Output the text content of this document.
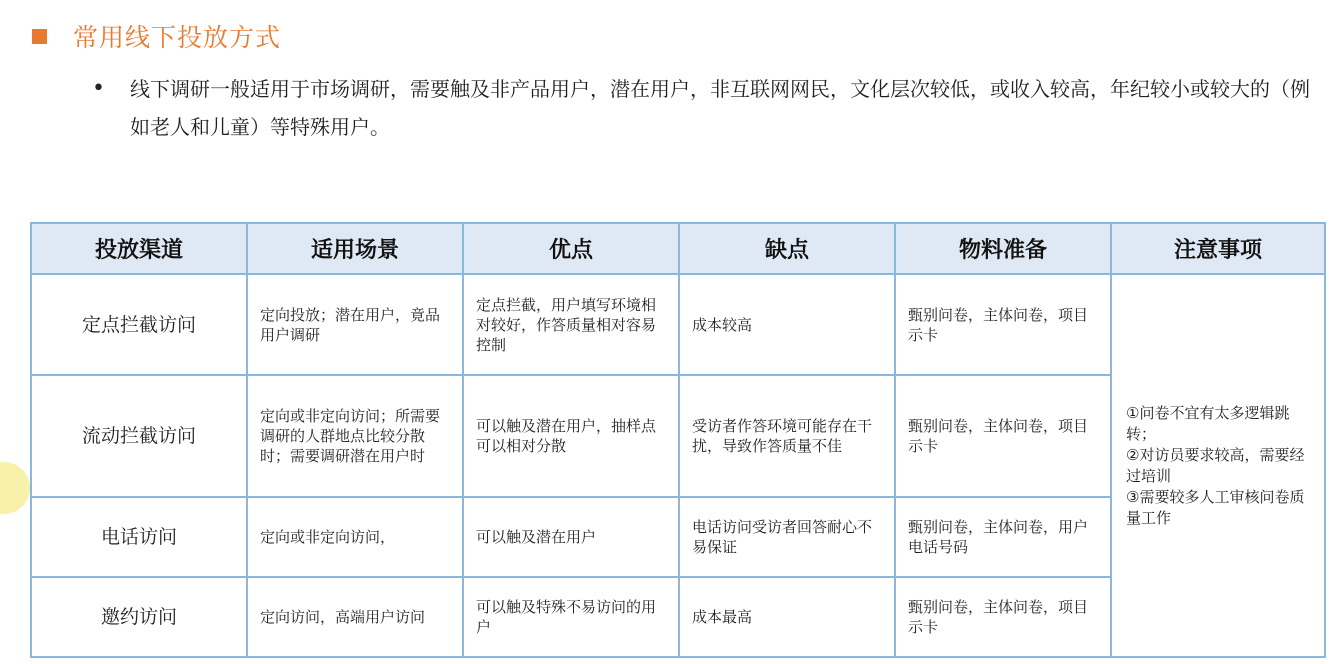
常用线下投放方式
•	线下调研一般适用于市场调研，需要触及非产品用户，潜在用户，非互联网网民，文化层次较低，或收入较高，年纪较小或较大的（例如老人和儿童）等特殊用户。
投放渠道	适用场景	优点	缺点	物料准备	注意事项
定点拦截访问	定向投放；潜在用户，竟品用户调研	定点拦截，用户填写环境相对较好，作答质量相对容易控制	成本较高	甄别问卷，主体问卷，项目示卡	①问卷不宜有太多逻辑跳转；
②对访员要求较高，需要经过培训
③需要较多人工审核问卷质量工作

流动拦截访问	定向或非定向访问；所需要调研的人群地点比较分散时；需要调研潜在用户时	可以触及潜在用户，抽样点可以相对分散	受访者作答环境可能存在干扰，导致作答质量不佳	甄别问卷，主体问卷，项目示卡	
电话访问	定向或非定向访问，	可以触及潜在用户	电话访问受访者回答耐心不易保证	甄别问卷，主体问卷，用户电话号码	
邀约访问	定向访问，高端用户访问	可以触及特殊不易访问的用户	成本最高	甄别问卷，主体问卷，项目示卡	
